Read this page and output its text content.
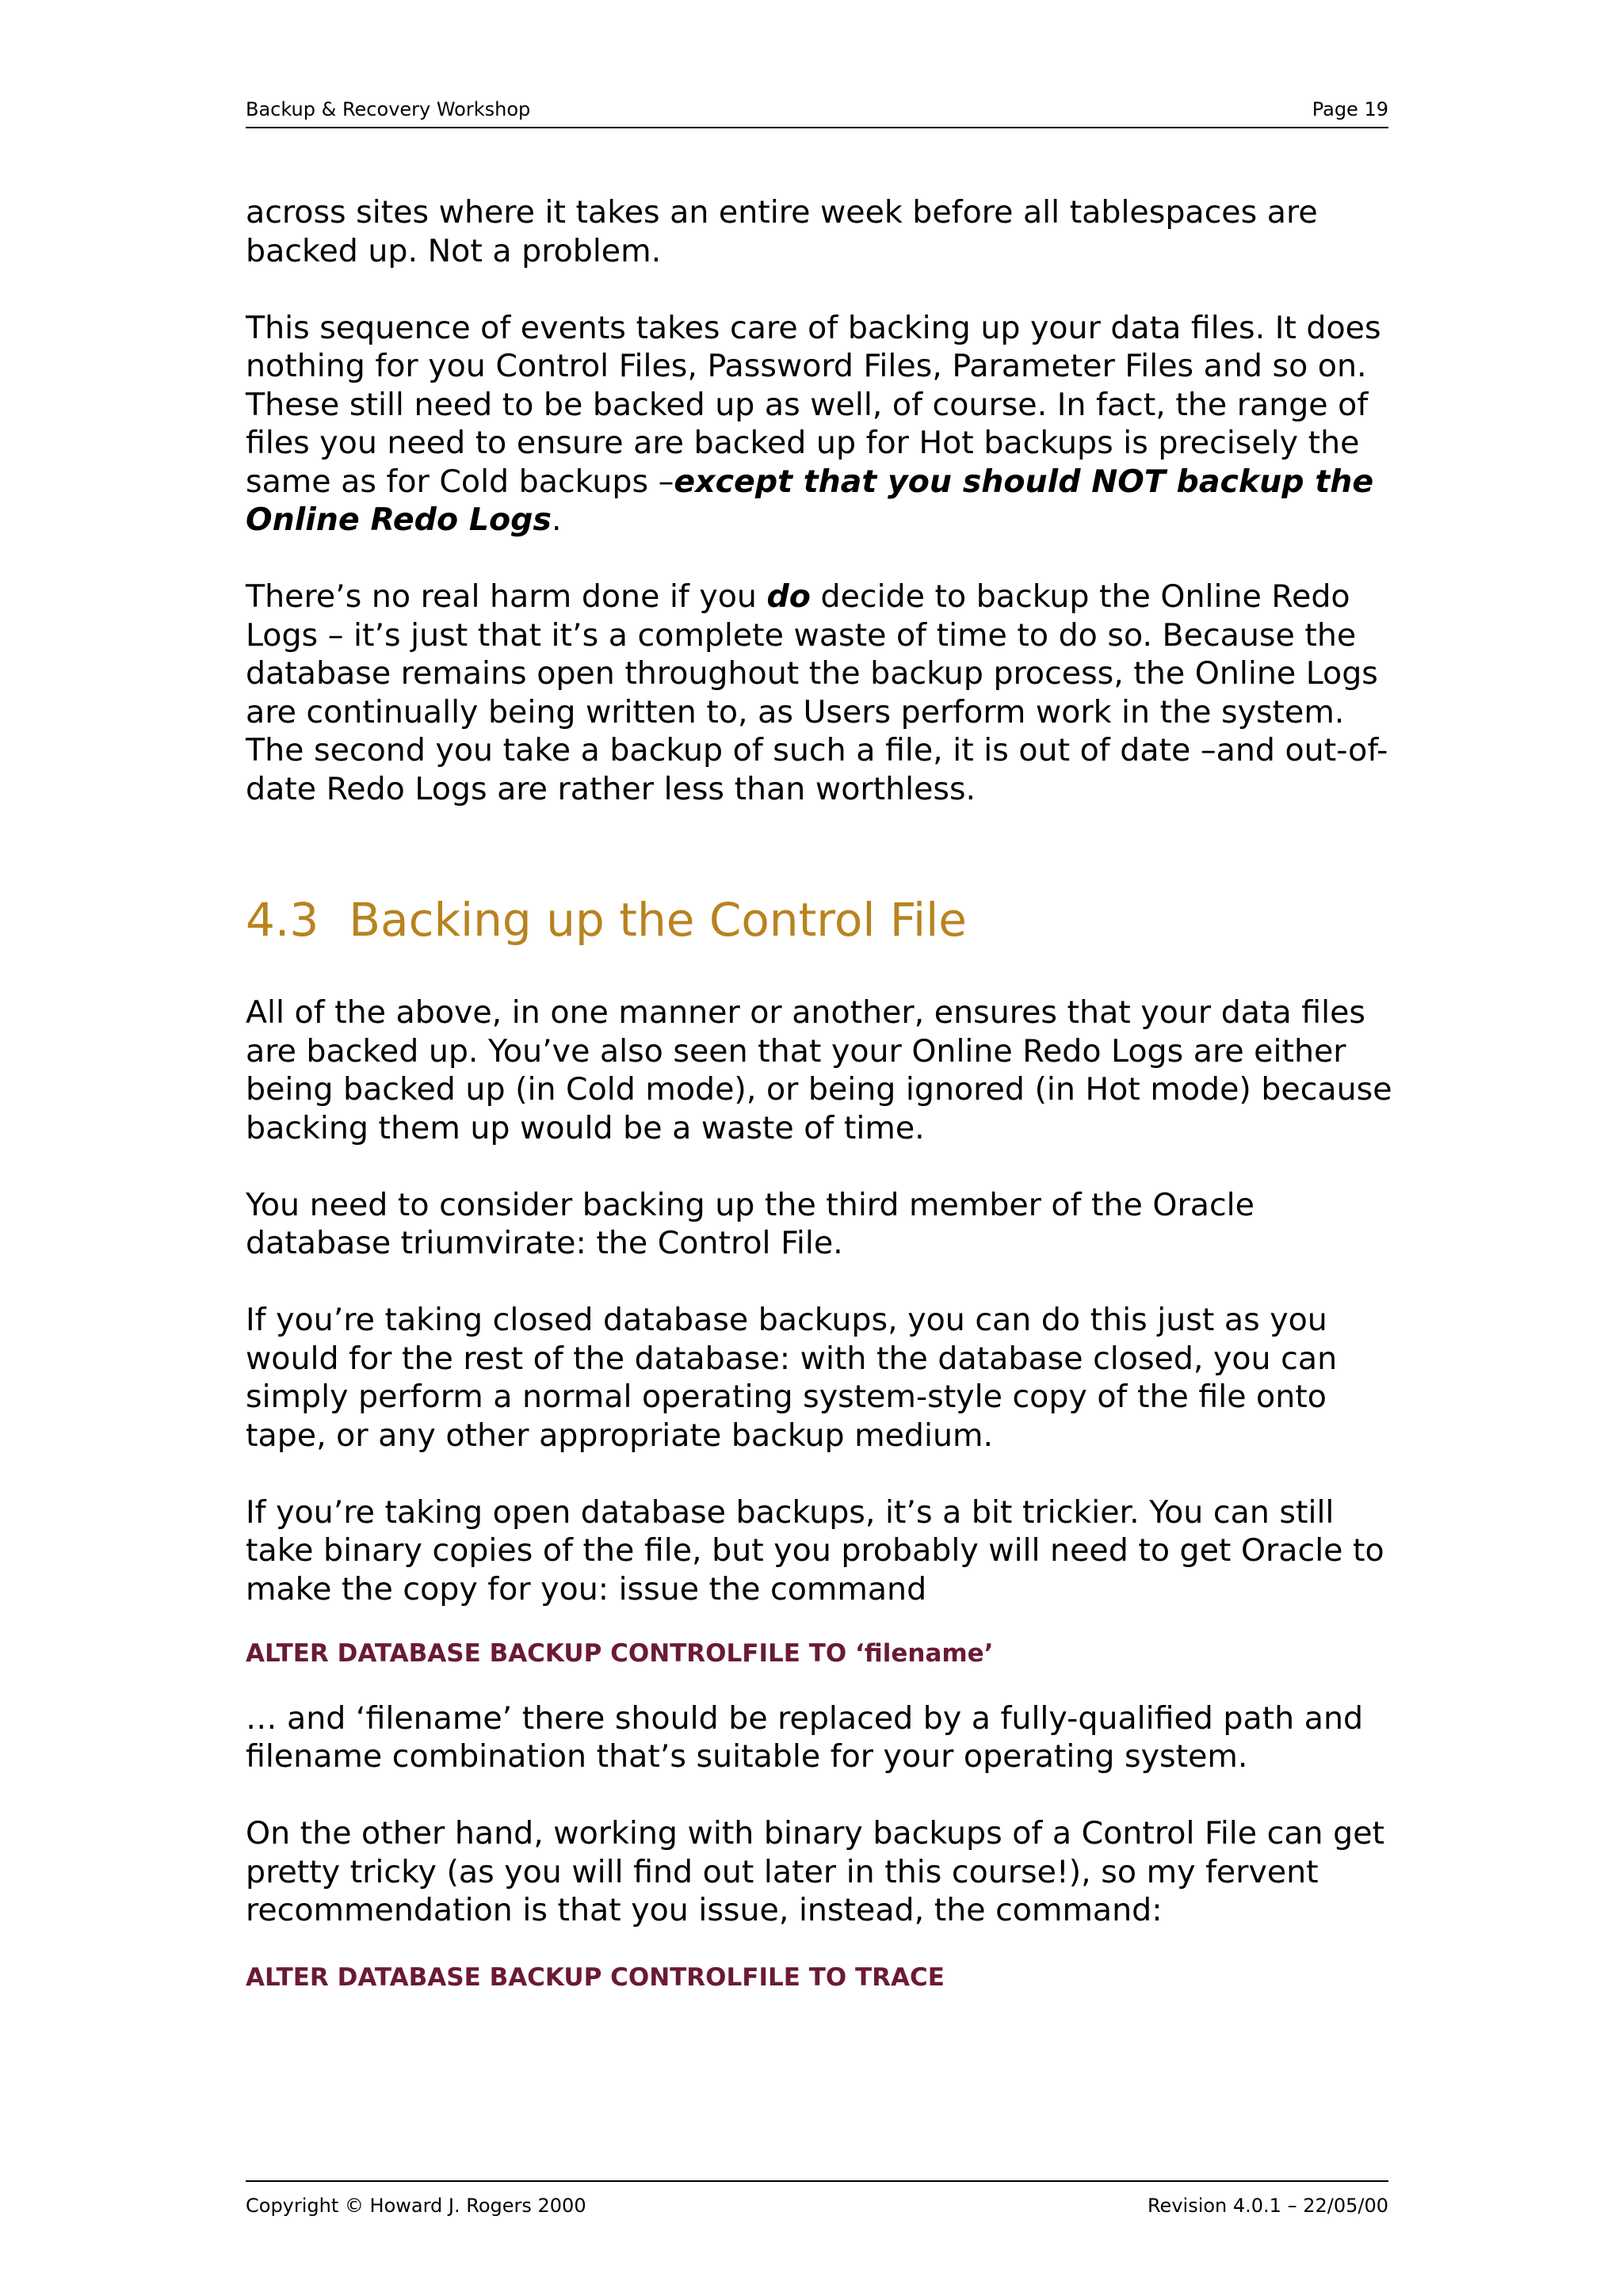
Backup & Recovery Workshop	Page 19

across sites where it takes an entire week before all tablespaces are backed up. Not a problem.

This sequence of events takes care of backing up your data files. It does nothing for you Control Files, Password Files, Parameter Files and so on. These still need to be backed up as well, of course. In fact, the range of files you need to ensure are backed up for Hot backups is precisely the same as for Cold backups –except that you should NOT backup the Online Redo Logs.

There’s no real harm done if you do decide to backup the Online Redo Logs – it’s just that it’s a complete waste of time to do so. Because the database remains open throughout the backup process, the Online Logs are continually being written to, as Users perform work in the system. The second you take a backup of such a file, it is out of date –and out-of-date Redo Logs are rather less than worthless.

4.3 Backing up the Control File

All of the above, in one manner or another, ensures that your data files are backed up. You’ve also seen that your Online Redo Logs are either being backed up (in Cold mode), or being ignored (in Hot mode) because backing them up would be a waste of time.

You need to consider backing up the third member of the Oracle database triumvirate: the Control File.

If you’re taking closed database backups, you can do this just as you would for the rest of the database: with the database closed, you can simply perform a normal operating system-style copy of the file onto tape, or any other appropriate backup medium.

If you’re taking open database backups, it’s a bit trickier. You can still take binary copies of the file, but you probably will need to get Oracle to make the copy for you: issue the command

ALTER DATABASE BACKUP CONTROLFILE TO ‘filename’

… and ‘filename’ there should be replaced by a fully-qualified path and filename combination that’s suitable for your operating system.

On the other hand, working with binary backups of a Control File can get pretty tricky (as you will find out later in this course!), so my fervent recommendation is that you issue, instead, the command:

ALTER DATABASE BACKUP CONTROLFILE TO TRACE
Copyright © Howard J. Rogers 2000	Revision 4.0.1 – 22/05/00
